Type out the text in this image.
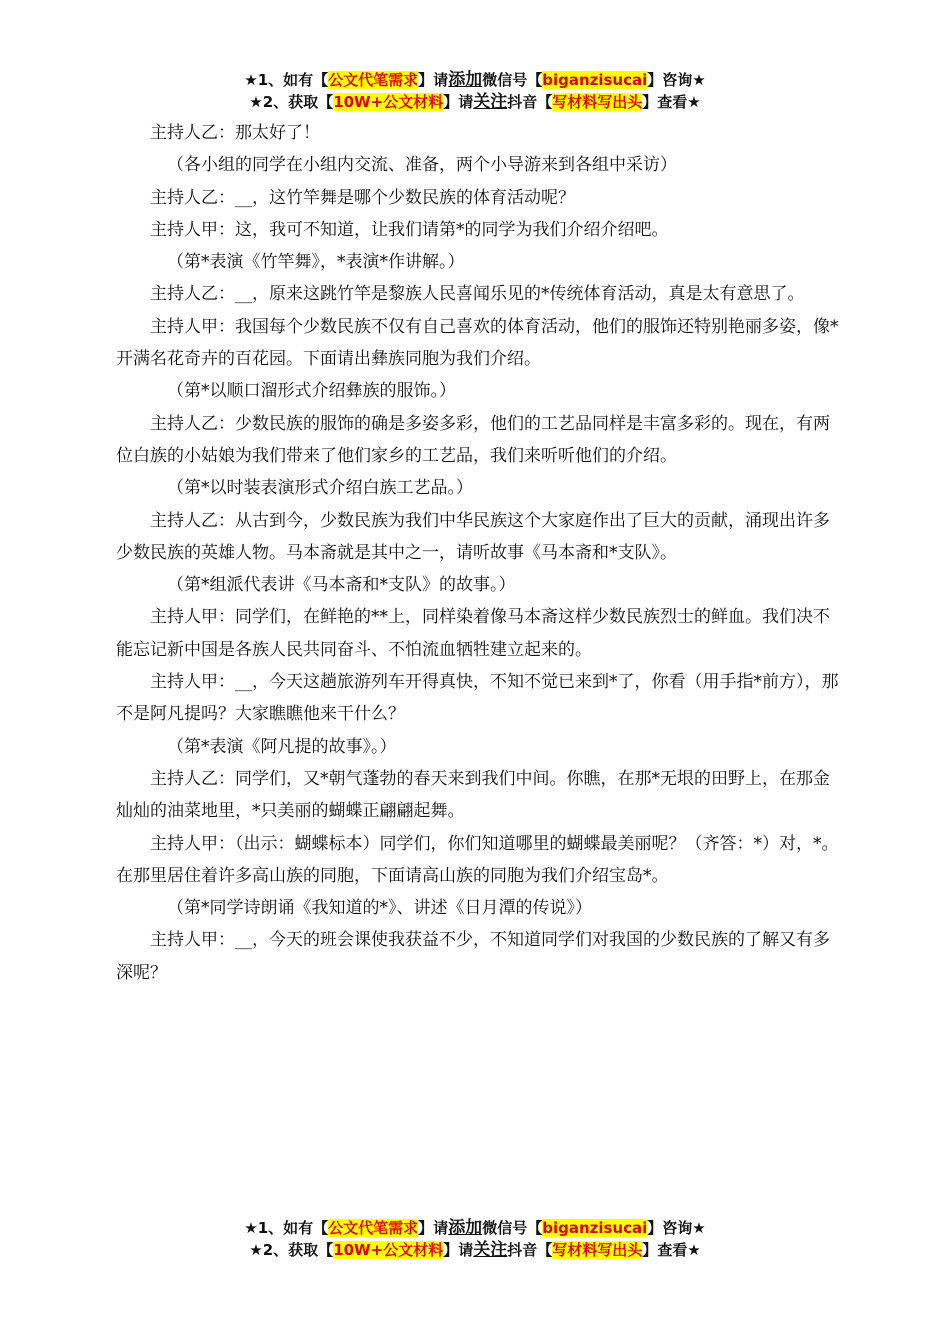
★1、如有【公文代笔需求】请添加微信号【biganzisucai】咨询★
★2、获取【10W+公文材料】请关注抖音【写材料写出头】查看★

主持人乙：那太好了！

（各小组的同学在小组内交流、准备，两个小导游来到各组中采访）

主持人乙：__，这竹竿舞是哪个少数民族的体育活动呢？

主持人甲：这，我可不知道，让我们请第*的同学为我们介绍介绍吧。

（第*表演《竹竿舞》，*表演*作讲解。）

主持人乙：__，原来这跳竹竿是黎族人民喜闻乐见的*传统体育活动，真是太有意思了。

主持人甲：我国每个少数民族不仅有自己喜欢的体育活动，他们的服饰还特别艳丽多姿，像*开满名花奇卉的百花园。下面请出彝族同胞为我们介绍。

（第*以顺口溜形式介绍彝族的服饰。）

主持人乙：少数民族的服饰的确是多姿多彩，他们的工艺品同样是丰富多彩的。现在，有两位白族的小姑娘为我们带来了他们家乡的工艺品，我们来听听他们的介绍。

（第*以时装表演形式介绍白族工艺品。）

主持人乙：从古到今，少数民族为我们中华民族这个大家庭作出了巨大的贡献，涌现出许多少数民族的英雄人物。马本斋就是其中之一，请听故事《马本斋和*支队》。

（第*组派代表讲《马本斋和*支队》的故事。）

主持人甲：同学们，在鲜艳的**上，同样染着像马本斋这样少数民族烈士的鲜血。我们决不能忘记新中国是各族人民共同奋斗、不怕流血牺牲建立起来的。

主持人甲：__，今天这趟旅游列车开得真快，不知不觉已来到*了，你看（用手指*前方），那不是阿凡提吗？大家瞧瞧他来干什么？

（第*表演《阿凡提的故事》。）

主持人乙：同学们，又*朝气蓬勃的春天来到我们中间。你瞧，在那*无垠的田野上，在那金灿灿的油菜地里，*只美丽的蝴蝶正翩翩起舞。

主持人甲：（出示：蝴蝶标本）同学们，你们知道哪里的蝴蝶最美丽呢？（齐答：*）对，*。在那里居住着许多高山族的同胞，下面请高山族的同胞为我们介绍宝岛*。

（第*同学诗朗诵《我知道的*》、讲述《日月潭的传说》）

主持人甲：__，今天的班会课使我获益不少，不知道同学们对我国的少数民族的了解又有多深呢？

★1、如有【公文代笔需求】请添加微信号【biganzisucai】咨询★
★2、获取【10W+公文材料】请关注抖音【写材料写出头】查看★
